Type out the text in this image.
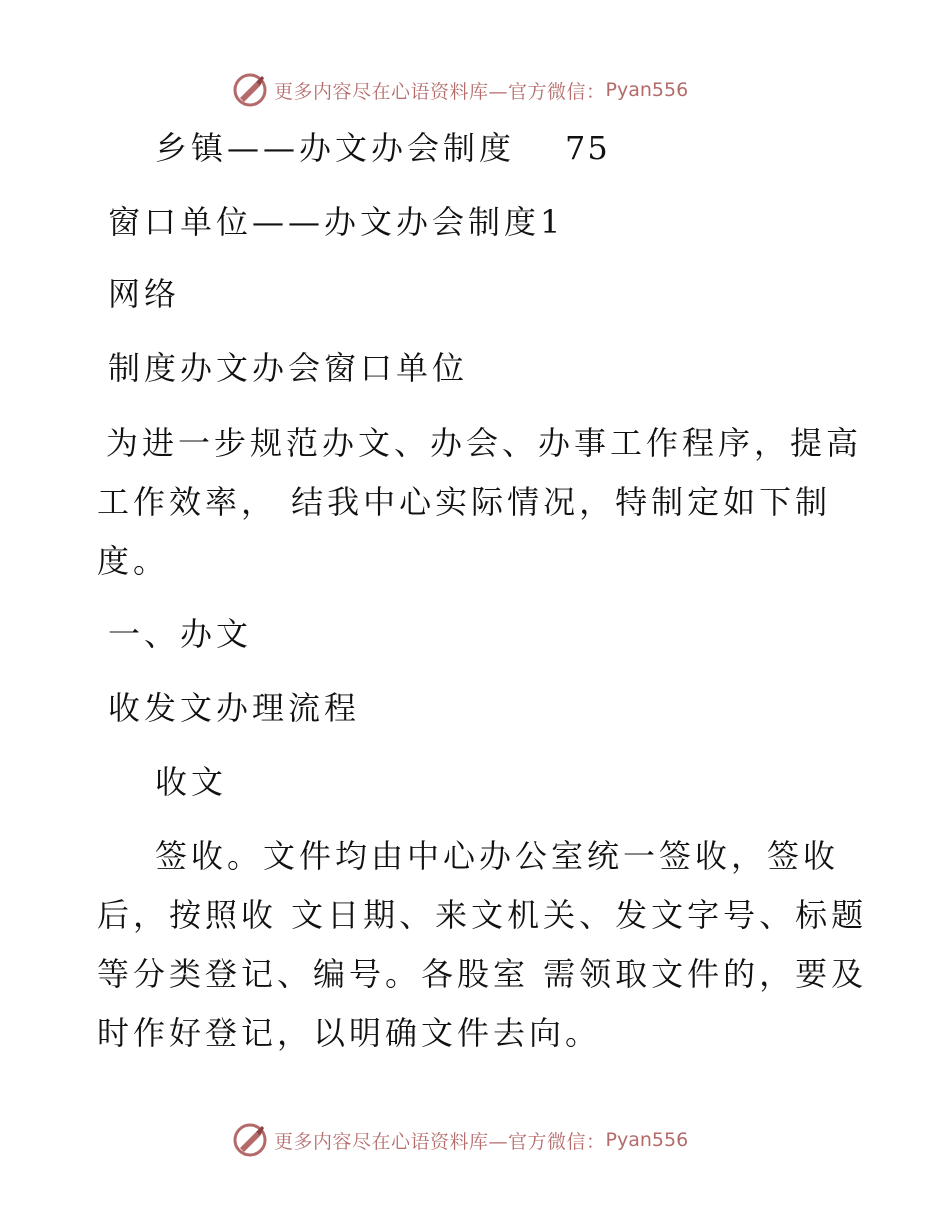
更多内容尽在心语资料库—官方微信： Pyan556
乡镇——办文办会制度 75
窗口单位——办文办会制度1
网络
制度办文办会窗口单位
为进一步规范办文、办会、办事工作程序，提高
工作效率， 结我中心实际情况，特制定如下制
度。
一、办文
收发文办理流程
收文
签收。文件均由中心办公室统一签收，签收
后，按照收 文日期、来文机关、发文字号、标题
等分类登记、编号。各股室 需领取文件的，要及
时作好登记，以明确文件去向。
更多内容尽在心语资料库—官方微信： Pyan556
